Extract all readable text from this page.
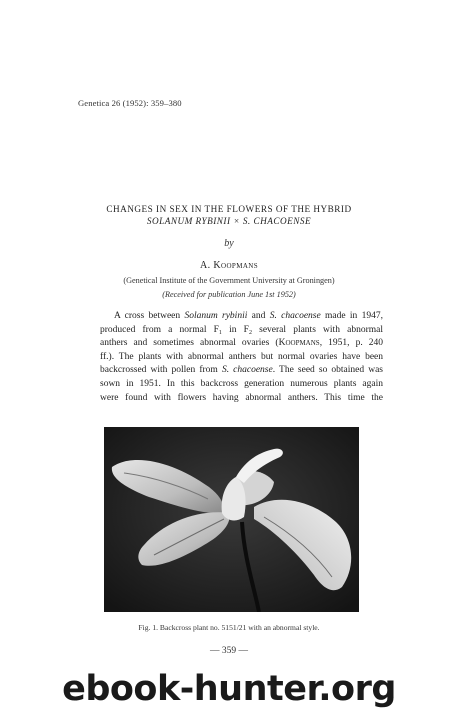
Genetica 26 (1952): 359–380
CHANGES IN SEX IN THE FLOWERS OF THE HYBRID
SOLANUM RYBINII × S. CHACOENSE
by
A. Koopmans
(Genetical Institute of the Government University at Groningen)
(Received for publication June 1st 1952)
A cross between Solanum rybinii and S. chacoense made in 1947,
produced from a normal $F_1$ in $F_2$ several plants with abnormal
anthers and sometimes abnormal ovaries (Koopmans, 1951, p. 240
ff.). The plants with abnormal anthers but normal ovaries have been
backcrossed with pollen from S. chacoense. The seed so obtained was
sown in 1951. In this backcross generation numerous plants again
were found with flowers having abnormal anthers. This time the
Fig. 1. Backcross plant no. 5151/21 with an abnormal style.
— 359 —
ebook-hunter.org
